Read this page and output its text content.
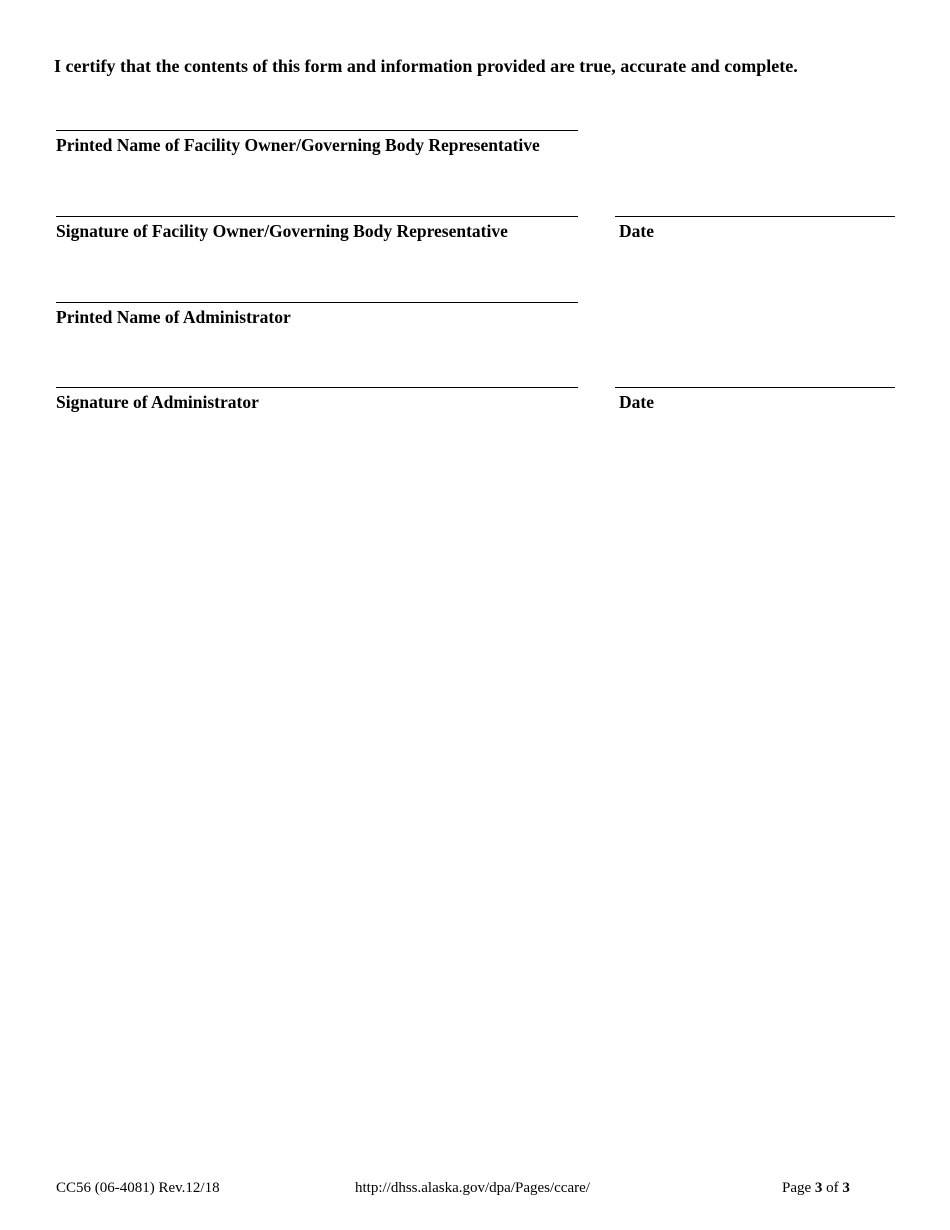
I certify that the contents of this form and information provided are true, accurate and complete.
Printed Name of Facility Owner/Governing Body Representative
Signature of Facility Owner/Governing Body Representative	Date
Printed Name of Administrator
Signature of Administrator	Date
CC56 (06-4081) Rev.12/18	http://dhss.alaska.gov/dpa/Pages/ccare/	Page 3 of 3
